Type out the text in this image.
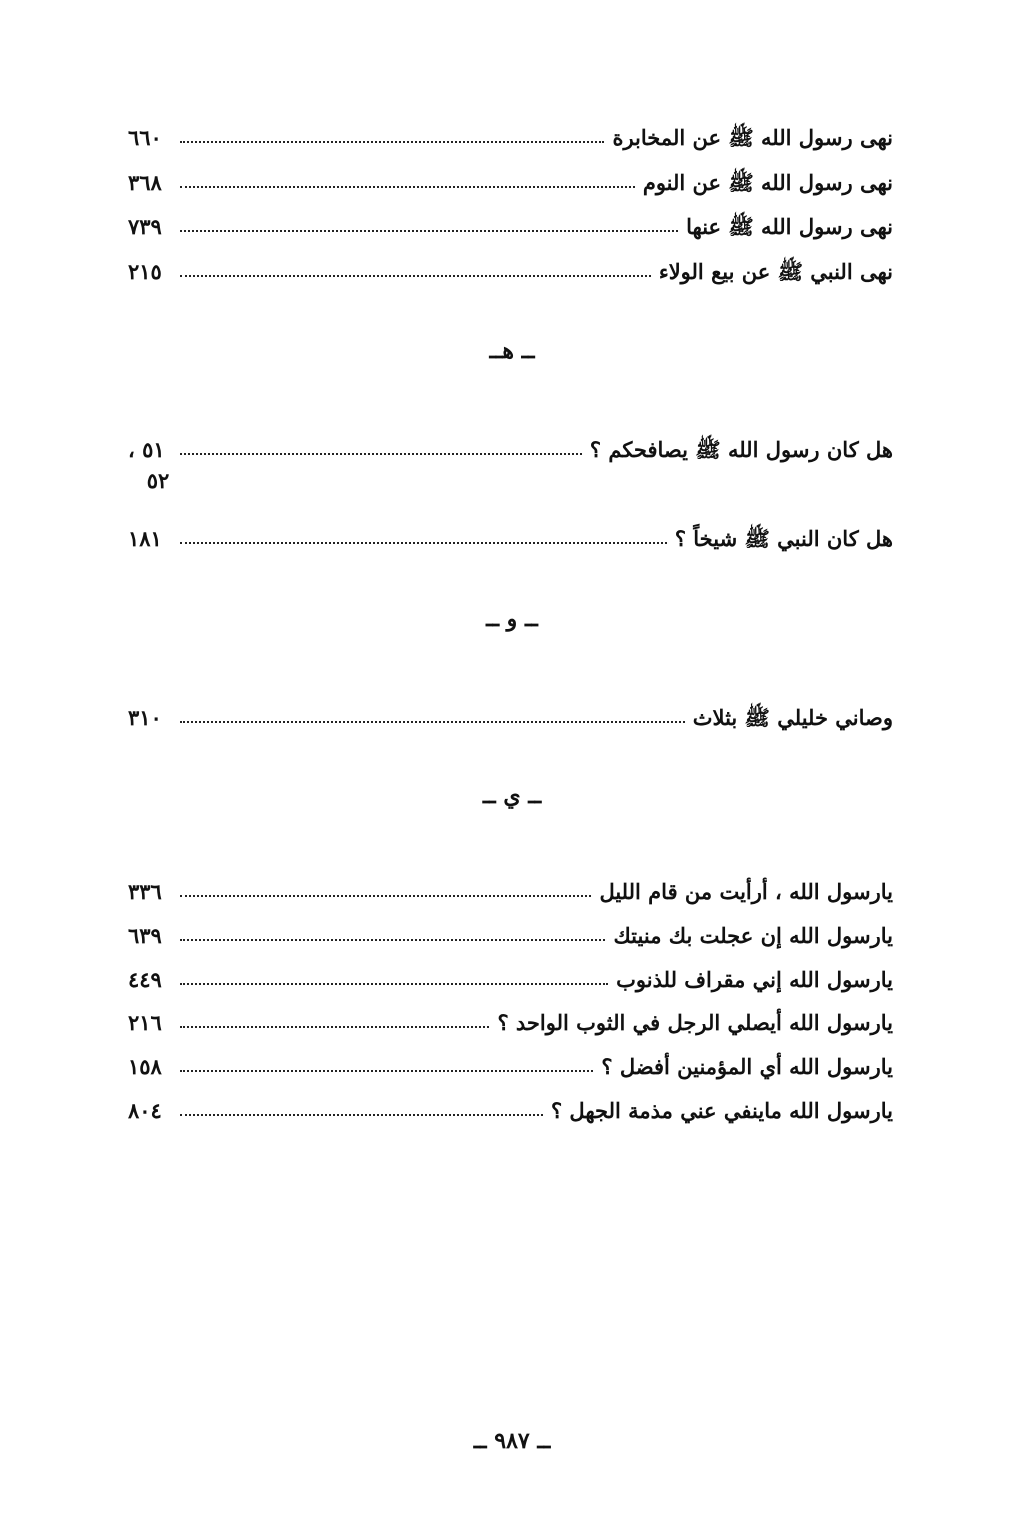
نهى رسول الله ﷺ عن المخابرة
٦٦٠
نهى رسول الله ﷺ عن النوم
٣٦٨
نهى رسول الله ﷺ عنها
٧٣٩
نهى النبي ﷺ عن بيع الولاء
٢١٥
ــ هــ
هل كان رسول الله ﷺ يصافحكم ؟
٥١ ،
٥٢
هل كان النبي ﷺ شيخاً ؟
١٨١
ــ و ــ
وصاني خليلي ﷺ بثلاث
٣١٠
ــ ي ــ
يارسول الله ، أرأيت من قام الليل
٣٣٦
يارسول الله إن عجلت بك منيتك
٦٣٩
يارسول الله إني مقراف للذنوب
٤٤٩
يارسول الله أيصلي الرجل في الثوب الواحد ؟
٢١٦
يارسول الله أي المؤمنين أفضل ؟
١٥٨
يارسول الله ماينفي عني مذمة الجهل ؟
٨٠٤
ــ ٩٨٧ ــ
